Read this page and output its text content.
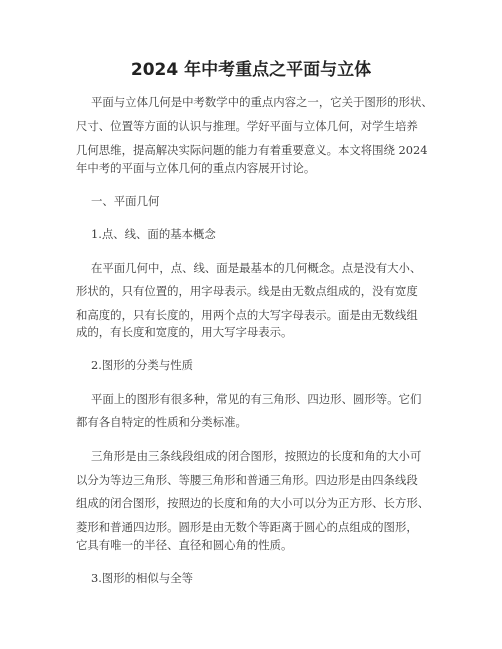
2024 年中考重点之平面与立体
平面与立体几何是中考数学中的重点内容之一，它关于图形的形状、
尺寸、位置等方面的认识与推理。学好平面与立体几何，对学生培养
几何思维，提高解决实际问题的能力有着重要意义。本文将围绕 2024
年中考的平面与立体几何的重点内容展开讨论。
一、平面几何
1.点、线、面的基本概念
在平面几何中，点、线、面是最基本的几何概念。点是没有大小、
形状的，只有位置的，用字母表示。线是由无数点组成的，没有宽度
和高度的，只有长度的，用两个点的大写字母表示。面是由无数线组
成的，有长度和宽度的，用大写字母表示。
2.图形的分类与性质
平面上的图形有很多种，常见的有三角形、四边形、圆形等。它们
都有各自特定的性质和分类标准。
三角形是由三条线段组成的闭合图形，按照边的长度和角的大小可
以分为等边三角形、等腰三角形和普通三角形。四边形是由四条线段
组成的闭合图形，按照边的长度和角的大小可以分为正方形、长方形、
菱形和普通四边形。圆形是由无数个等距离于圆心的点组成的图形，
它具有唯一的半径、直径和圆心角的性质。
3.图形的相似与全等
